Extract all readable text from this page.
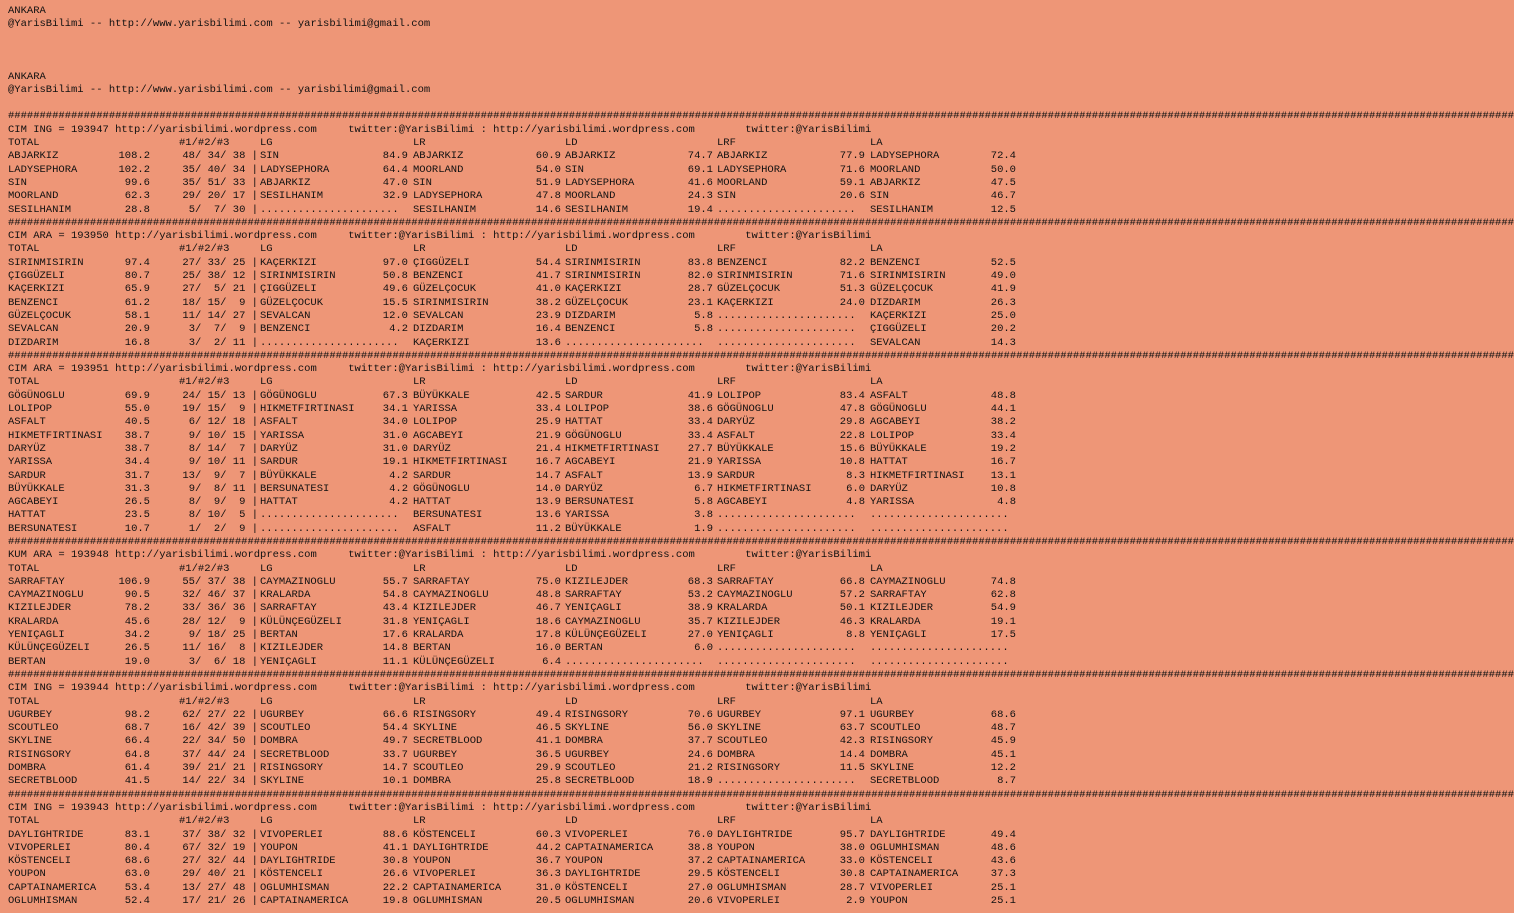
ANKARA
@YarisBilimi -- http://www.yarisbilimi.com -- yarisbilimi@gmail.com
ANKARA
@YarisBilimi -- http://www.yarisbilimi.com -- yarisbilimi@gmail.com
###############################################################################################################################################################################################################################################
CIM ING = 193947 http://yarisbilimi.wordpress.com     twitter:@YarisBilimi : http://yarisbilimi.wordpress.com        twitter:@YarisBilimi
TOTAL	#1/#2/#3	LG	LR	LD	LRF	LA
ABJARKIZ	108.2	48/ 34/ 38 | SIN	84.9 ABJARKIZ	60.9 ABJARKIZ	74.7 ABJARKIZ	77.9 LADYSEPHORA	72.4
LADYSEPHORA	102.2	35/ 40/ 34 | LADYSEPHORA	64.4 MOORLAND	54.0 SIN	69.1 LADYSEPHORA	71.6 MOORLAND	50.0
SIN	99.6	35/ 51/ 33 | ABJARKIZ	47.0 SIN	51.9 LADYSEPHORA	41.6 MOORLAND	59.1 ABJARKIZ	47.5
MOORLAND	62.3	29/ 20/ 17 | SESILHANIM	32.9 LADYSEPHORA	47.8 MOORLAND	24.3 SIN	20.6 SIN	46.7
SESILHANIM	28.8	5/  7/ 30 | ...................... SESILHANIM	14.6 SESILHANIM	19.4 ...................... SESILHANIM	12.5
###############################################################################################################################################################################################################################################
CIM ARA = 193950 http://yarisbilimi.wordpress.com     twitter:@YarisBilimi : http://yarisbilimi.wordpress.com        twitter:@YarisBilimi
TOTAL	#1/#2/#3	LG	LR	LD	LRF	LA
SIRINMISIRIN	97.4	27/ 33/ 25 | KAÇERKIZI	97.0 ÇIGGÜZELI	54.4 SIRINMISIRIN	83.8 BENZENCI	82.2 BENZENCI	52.5
ÇIGGÜZELI	80.7	25/ 38/ 12 | SIRINMISIRIN	50.8 BENZENCI	41.7 SIRINMISIRIN	82.0 SIRINMISIRIN	71.6 SIRINMISIRIN	49.0
KAÇERKIZI	65.9	27/  5/ 21 | ÇIGGÜZELI	49.6 GÜZELÇOCUK	41.0 KAÇERKIZI	28.7 GÜZELÇOCUK	51.3 GÜZELÇOCUK	41.9
BENZENCI	61.2	18/ 15/  9 | GÜZELÇOCUK	15.5 SIRINMISIRIN	38.2 GÜZELÇOCUK	23.1 KAÇERKIZI	24.0 DIZDARIM	26.3
GÜZELÇOCUK	58.1	11/ 14/ 27 | SEVALCAN	12.0 SEVALCAN	23.9 DIZDARIM	5.8 ...................... KAÇERKIZI	25.0
SEVALCAN	20.9	3/  7/  9 | BENZENCI	4.2 DIZDARIM	16.4 BENZENCI	5.8 ...................... ÇIGGÜZELI	20.2
DIZDARIM	16.8	3/  2/ 11 | ...................... KAÇERKIZI	13.6 ...................... ...................... SEVALCAN	14.3
###############################################################################################################################################################################################################################################
CIM ARA = 193951 http://yarisbilimi.wordpress.com     twitter:@YarisBilimi : http://yarisbilimi.wordpress.com        twitter:@YarisBilimi
TOTAL	#1/#2/#3	LG	LR	LD	LRF	LA
GÖGÜNOGLU	69.9	24/ 15/ 13 | GÖGÜNOGLU	67.3 BÜYÜKKALE	42.5 SARDUR	41.9 LOLIPOP	83.4 ASFALT	48.8
LOLIPOP	55.0	19/ 15/  9 | HIKMETFIRTINASI	34.1 YARISSA	33.4 LOLIPOP	38.6 GÖGÜNOGLU	47.8 GÖGÜNOGLU	44.1
ASFALT	40.5	6/ 12/ 18 | ASFALT	34.0 LOLIPOP	25.9 HATTAT	33.4 DARYÜZ	29.8 AGCABEYI	38.2
HIKMETFIRTINASI 38.7	9/ 10/ 15 | YARISSA	31.0 AGCABEYI	21.9 GÖGÜNOGLU	33.4 ASFALT	22.8 LOLIPOP	33.4
DARYÜZ	38.7	8/ 14/  7 | DARYÜZ	31.0 DARYÜZ	21.4 HIKMETFIRTINASI	27.7 BÜYÜKKALE	15.6 BÜYÜKKALE	19.2
YARISSA	34.4	9/ 10/ 11 | SARDUR	19.1 HIKMETFIRTINASI	16.7 AGCABEYI	21.9 YARISSA	10.8 HATTAT	16.7
SARDUR	31.7	13/  9/  7 | BÜYÜKKALE	4.2 SARDUR	14.7 ASFALT	13.9 SARDUR	8.3 HIKMETFIRTINASI	13.1
BÜYÜKKALE	31.3	9/  8/ 11 | BERSUNATESI	4.2 GÖGÜNOGLU	14.0 DARYÜZ	6.7 HIKMETFIRTINASI	6.0 DARYÜZ	10.8
AGCABEYI	26.5	8/  9/  9 | HATTAT	4.2 HATTAT	13.9 BERSUNATESI	5.8 AGCABEYI	4.8 YARISSA	4.8
HATTAT	23.5	8/ 10/  5 | ...................... BERSUNATESI	13.6 YARISSA	3.8 ...................... ......................
BERSUNATESI	10.7	1/  2/  9 | ...................... ASFALT	11.2 BÜYÜKKALE	1.9 ...................... ......................
###############################################################################################################################################################################################################################################
KUM ARA = 193948 http://yarisbilimi.wordpress.com     twitter:@YarisBilimi : http://yarisbilimi.wordpress.com        twitter:@YarisBilimi
TOTAL	#1/#2/#3	LG	LR	LD	LRF	LA
SARRAFTAY	106.9	55/ 37/ 38 | CAYMAZINOGLU	55.7 SARRAFTAY	75.0 KIZILEJDER	68.3 SARRAFTAY	66.8 CAYMAZINOGLU	74.8
CAYMAZINOGLU	90.5	32/ 46/ 37 | KRALARDA	54.8 CAYMAZINOGLU	48.8 SARRAFTAY	53.2 CAYMAZINOGLU	57.2 SARRAFTAY	62.8
KIZILEJDER	78.2	33/ 36/ 36 | SARRAFTAY	43.4 KIZILEJDER	46.7 YENIÇAGLI	38.9 KRALARDA	50.1 KIZILEJDER	54.9
KRALARDA	45.6	28/ 12/  9 | KÜLÜNÇEGÜZELI	31.8 YENIÇAGLI	18.6 CAYMAZINOGLU	35.7 KIZILEJDER	46.3 KRALARDA	19.1
YENIÇAGLI	34.2	9/ 18/ 25 | BERTAN	17.6 KRALARDA	17.8 KÜLÜNÇEGÜZELI	27.0 YENIÇAGLI	8.8 YENIÇAGLI	17.5
KÜLÜNÇEGÜZELI	26.5	11/ 16/  8 | KIZILEJDER	14.8 BERTAN	16.0 BERTAN	6.0 ...................... ......................
BERTAN	19.0	3/  6/ 18 | YENIÇAGLI	11.1 KÜLÜNÇEGÜZELI	6.4 ...................... ...................... ......................
###############################################################################################################################################################################################################################################
CIM ING = 193944 http://yarisbilimi.wordpress.com     twitter:@YarisBilimi : http://yarisbilimi.wordpress.com        twitter:@YarisBilimi
TOTAL	#1/#2/#3	LG	LR	LD	LRF	LA
UGURBEY	98.2	62/ 27/ 22 | UGURBEY	66.6 RISINGSORY	49.4 RISINGSORY	70.6 UGURBEY	97.1 UGURBEY	68.6
SCOUTLEO	68.7	16/ 42/ 39 | SCOUTLEO	54.4 SKYLINE	46.5 SKYLINE	56.0 SKYLINE	63.7 SCOUTLEO	48.7
SKYLINE	66.4	22/ 34/ 50 | DOMBRA	49.7 SECRETBLOOD	41.1 DOMBRA	37.7 SCOUTLEO	42.3 RISINGSORY	45.9
RISINGSORY	64.8	37/ 44/ 24 | SECRETBLOOD	33.7 UGURBEY	36.5 UGURBEY	24.6 DOMBRA	14.4 DOMBRA	45.1
DOMBRA	61.4	39/ 21/ 21 | RISINGSORY	14.7 SCOUTLEO	29.9 SCOUTLEO	21.2 RISINGSORY	11.5 SKYLINE	12.2
SECRETBLOOD	41.5	14/ 22/ 34 | SKYLINE	10.1 DOMBRA	25.8 SECRETBLOOD	18.9 ...................... SECRETBLOOD	8.7
###############################################################################################################################################################################################################################################
CIM ING = 193943 http://yarisbilimi.wordpress.com     twitter:@YarisBilimi : http://yarisbilimi.wordpress.com        twitter:@YarisBilimi
TOTAL	#1/#2/#3	LG	LR	LD	LRF	LA
DAYLIGHTRIDE	83.1	37/ 38/ 32 | VIVOPERLEI	88.6 KÖSTENCELI	60.3 VIVOPERLEI	76.0 DAYLIGHTRIDE	95.7 DAYLIGHTRIDE	49.4
VIVOPERLEI	80.4	67/ 32/ 19 | YOUPON	41.1 DAYLIGHTRIDE	44.2 CAPTAINAMERICA	38.8 YOUPON	38.0 OGLUMHISMAN	48.6
KÖSTENCELI	68.6	27/ 32/ 44 | DAYLIGHTRIDE	30.8 YOUPON	36.7 YOUPON	37.2 CAPTAINAMERICA	33.0 KÖSTENCELI	43.6
YOUPON	63.0	29/ 40/ 21 | KÖSTENCELI	26.6 VIVOPERLEI	36.3 DAYLIGHTRIDE	29.5 KÖSTENCELI	30.8 CAPTAINAMERICA	37.3
CAPTAINAMERICA	53.4	13/ 27/ 48 | OGLUMHISMAN	22.2 CAPTAINAMERICA	31.0 KÖSTENCELI	27.0 OGLUMHISMAN	28.7 VIVOPERLEI	25.1
OGLUMHISMAN	52.4	17/ 21/ 26 | CAPTAINAMERICA	19.8 OGLUMHISMAN	20.5 OGLUMHISMAN	20.6 VIVOPERLEI	2.9 YOUPON	25.1
